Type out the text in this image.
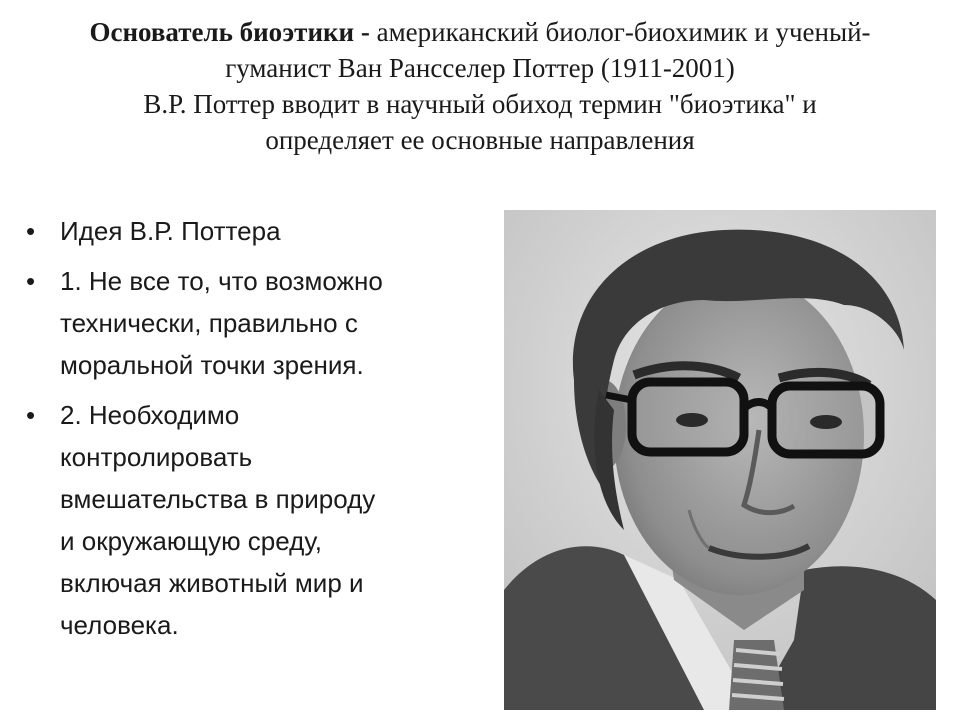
Основатель биоэтики - американский биолог-биохимик и ученый-
гуманист Ван Рансселер Поттер (1911-2001)
В.Р. Поттер вводит в научный обиход термин "биоэтика" и
определяет ее основные направления
• Идея В.Р. Поттера
• 1. Не все то, что возможно
технически, правильно с
моральной точки зрения.
• 2. Необходимо
контролировать
вмешательства в природу
и окружающую среду,
включая животный мир и
человека.
